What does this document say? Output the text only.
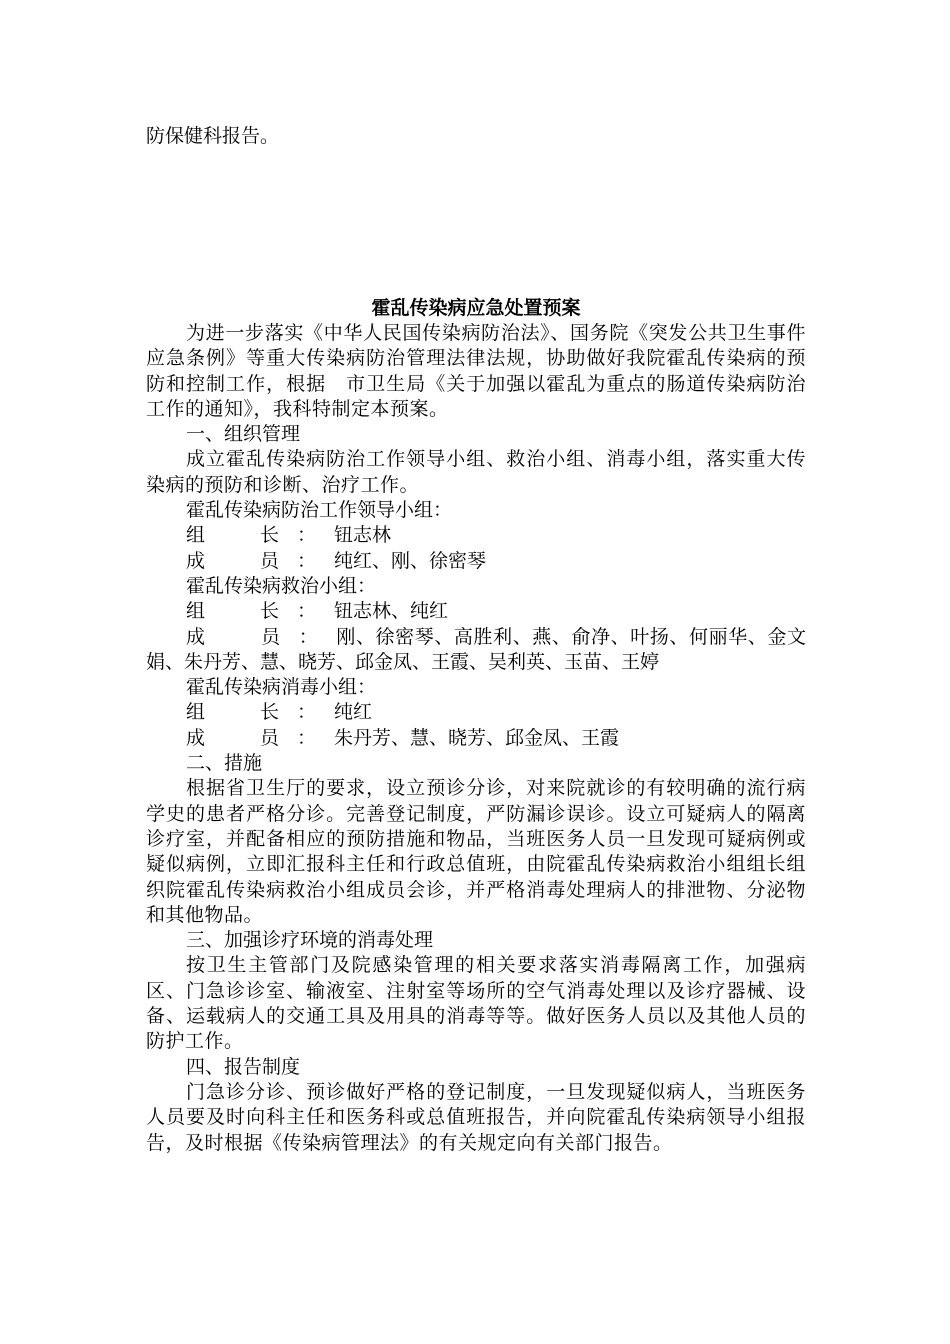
防保健科报告。

霍乱传染病应急处置预案

为进一步落实《中华人民国传染病防治法》、国务院《突发公共卫生事件应急条例》等重大传染病防治管理法律法规，协助做好我院霍乱传染病的预防和控制工作，根据　市卫生局《关于加强以霍乱为重点的肠道传染病防治工作的通知》，我科特制定本预案。

一、组织管理

成立霍乱传染病防治工作领导小组、救治小组、消毒小组，落实重大传染病的预防和诊断、治疗工作。

霍乱传染病防治工作领导小组：

组　长：钮志林

成　员：纯红、刚、徐密琴

霍乱传染病救治小组：

组　长：钮志林、纯红

成　员：刚、徐密琴、高胜利、燕、俞净、叶扬、何丽华、金文娟、朱丹芳、慧、晓芳、邱金凤、王霞、吴利英、玉苗、王婷

霍乱传染病消毒小组：

组　长：纯红

成　员：朱丹芳、慧、晓芳、邱金凤、王霞

二、措施

根据省卫生厅的要求，设立预诊分诊，对来院就诊的有较明确的流行病学史的患者严格分诊。完善登记制度，严防漏诊误诊。设立可疑病人的隔离诊疗室，并配备相应的预防措施和物品，当班医务人员一旦发现可疑病例或疑似病例，立即汇报科主任和行政总值班，由院霍乱传染病救治小组组长组织院霍乱传染病救治小组成员会诊，并严格消毒处理病人的排泄物、分泌物和其他物品。

三、加强诊疗环境的消毒处理

按卫生主管部门及院感染管理的相关要求落实消毒隔离工作，加强病区、门急诊诊室、输液室、注射室等场所的空气消毒处理以及诊疗器械、设备、运载病人的交通工具及用具的消毒等等。做好医务人员以及其他人员的防护工作。

四、报告制度

门急诊分诊、预诊做好严格的登记制度，一旦发现疑似病人，当班医务人员要及时向科主任和医务科或总值班报告，并向院霍乱传染病领导小组报告，及时根据《传染病管理法》的有关规定向有关部门报告。
